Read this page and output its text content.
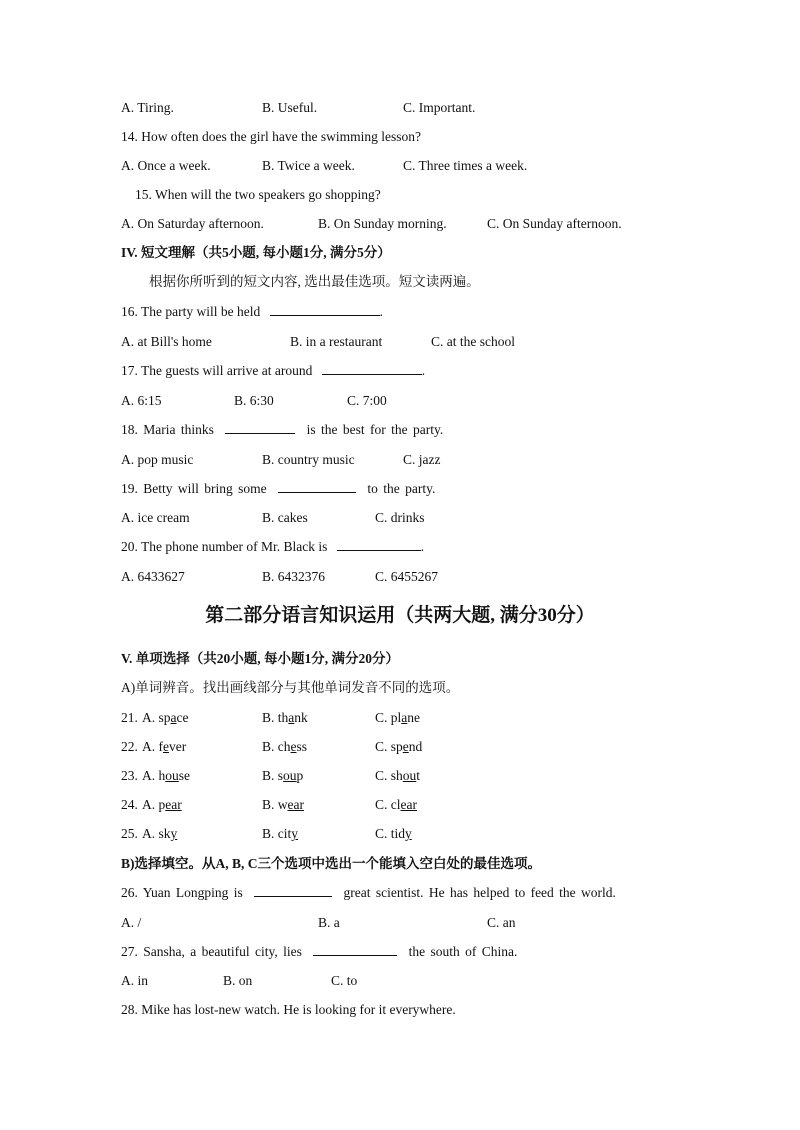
A. Tiring.	B. Useful.	C. Important.
14. How often does the girl have the swimming lesson?
A. Once a week.	B. Twice a week.	C. Three times a week.
15. When will the two speakers go shopping?
A. On Saturday afternoon.	B. On Sunday morning.	C. On Sunday afternoon.
IV. 短文理解（共5小题, 每小题1分, 满分5分）
根据你所听到的短文内容, 选出最佳选项。短文读两遍。
16. The party will be held	.
A. at Bill's home	B. in a restaurant	C. at the school
17. The guests will arrive at around	.
A. 6:15	B. 6:30	C. 7:00
18. Maria thinks	is the best for the party.
A. pop music	B. country music	C. jazz
19. Betty will bring some	to the party.
A. ice cream	B. cakes	C. drinks
20. The phone number of Mr. Black is	.
A. 6433627	B. 6432376	C. 6455267
第二部分语言知识运用（共两大题, 满分30分）
V. 单项选择（共20小题, 每小题1分, 满分20分）
A)单词辨音。找出画线部分与其他单词发音不同的选项。
21. A. space	B. thank	C. plane
22. A. fever	B. chess	C. spend
23. A. house	B. soup	C. shout
24. A. pear	B. wear	C. clear
25. A. sky	B. city	C. tidy
B)选择填空。从A, B, C三个选项中选出一个能填入空白处的最佳选项。
26. Yuan Longping is	great scientist. He has helped to feed the world.
A. /	B. a	C. an
27. Sansha, a beautiful city, lies	the south of China.
A. in	B. on	C. to
28. Mike has lost-new watch. He is looking for it everywhere.
